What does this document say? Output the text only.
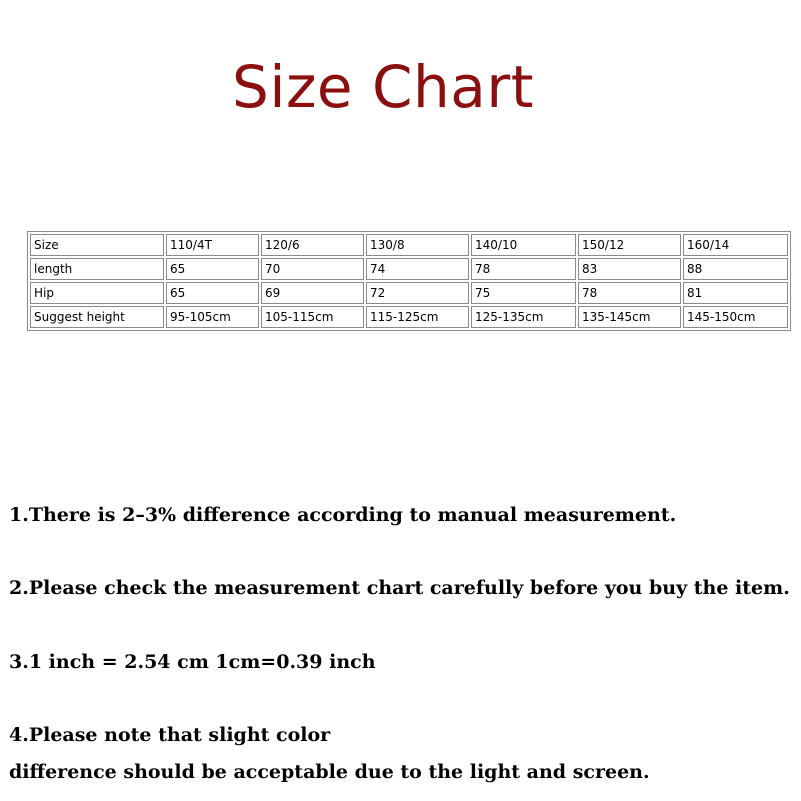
Size Chart
Size	110/4T	120/6	130/8	140/10	150/12	160/14
length	65	70	74	78	83	88
Hip	65	69	72	75	78	81
Suggest height	95-105cm	105-115cm	115-125cm	125-135cm	135-145cm	145-150cm
1.There is 2–3% difference according to manual measurement.
2.Please check the measurement chart carefully before you buy the item.
3.1 inch = 2.54 cm 1cm=0.39 inch
4.Please note that slight color
difference should be acceptable due to the light and screen.
